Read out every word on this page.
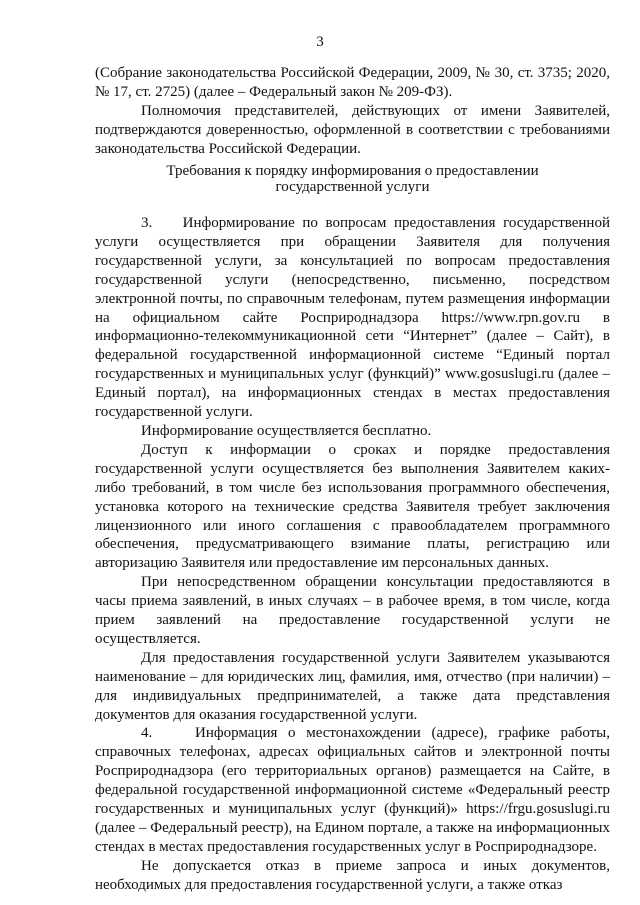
3

(Собрание законодательства Российской Федерации, 2009, № 30, ст. 3735; 2020, № 17, ст. 2725) (далее – Федеральный закон № 209-ФЗ).

Полномочия представителей, действующих от имени Заявителей, подтверждаются доверенностью, оформленной в соответствии с требованиями законодательства Российской Федерации.

Требования к порядку информирования о предоставлении
государственной услуги

3.    Информирование по вопросам предоставления государственной услуги осуществляется при обращении Заявителя для получения государственной услуги, за консультацией по вопросам предоставления государственной услуги (непосредственно, письменно, посредством электронной почты, по справочным телефонам, путем размещения информации на официальном сайте Росприроднадзора https://www.rpn.gov.ru в информационно-телекоммуникационной сети “Интернет” (далее – Сайт), в федеральной государственной информационной системе “Единый портал государственных и муниципальных услуг (функций)” www.gosuslugi.ru (далее – Единый портал), на информационных стендах в местах предоставления государственной услуги.

Информирование осуществляется бесплатно.

Доступ к информации о сроках и порядке предоставления государственной услуги осуществляется без выполнения Заявителем каких-либо требований, в том числе без использования программного обеспечения, установка которого на технические средства Заявителя требует заключения лицензионного или иного соглашения с правообладателем программного обеспечения, предусматривающего взимание платы, регистрацию или авторизацию Заявителя или предоставление им персональных данных.

При непосредственном обращении консультации предоставляются в часы приема заявлений, в иных случаях – в рабочее время, в том числе, когда прием заявлений на предоставление государственной услуги не осуществляется.

Для предоставления государственной услуги Заявителем указываются наименование – для юридических лиц, фамилия, имя, отчество (при наличии) – для индивидуальных предпринимателей, а также дата представления документов для оказания государственной услуги.

4.    Информация о местонахождении (адресе), графике работы, справочных телефонах, адресах официальных сайтов и электронной почты Росприроднадзора (его территориальных органов) размещается на Сайте, в федеральной государственной информационной системе «Федеральный реестр государственных и муниципальных услуг (функций)» https://frgu.gosuslugi.ru (далее – Федеральный реестр), на Едином портале, а также на информационных стендах в местах предоставления государственных услуг в Росприроднадзоре.

Не допускается отказ в приеме запроса и иных документов, необходимых для предоставления государственной услуги, а также отказ
